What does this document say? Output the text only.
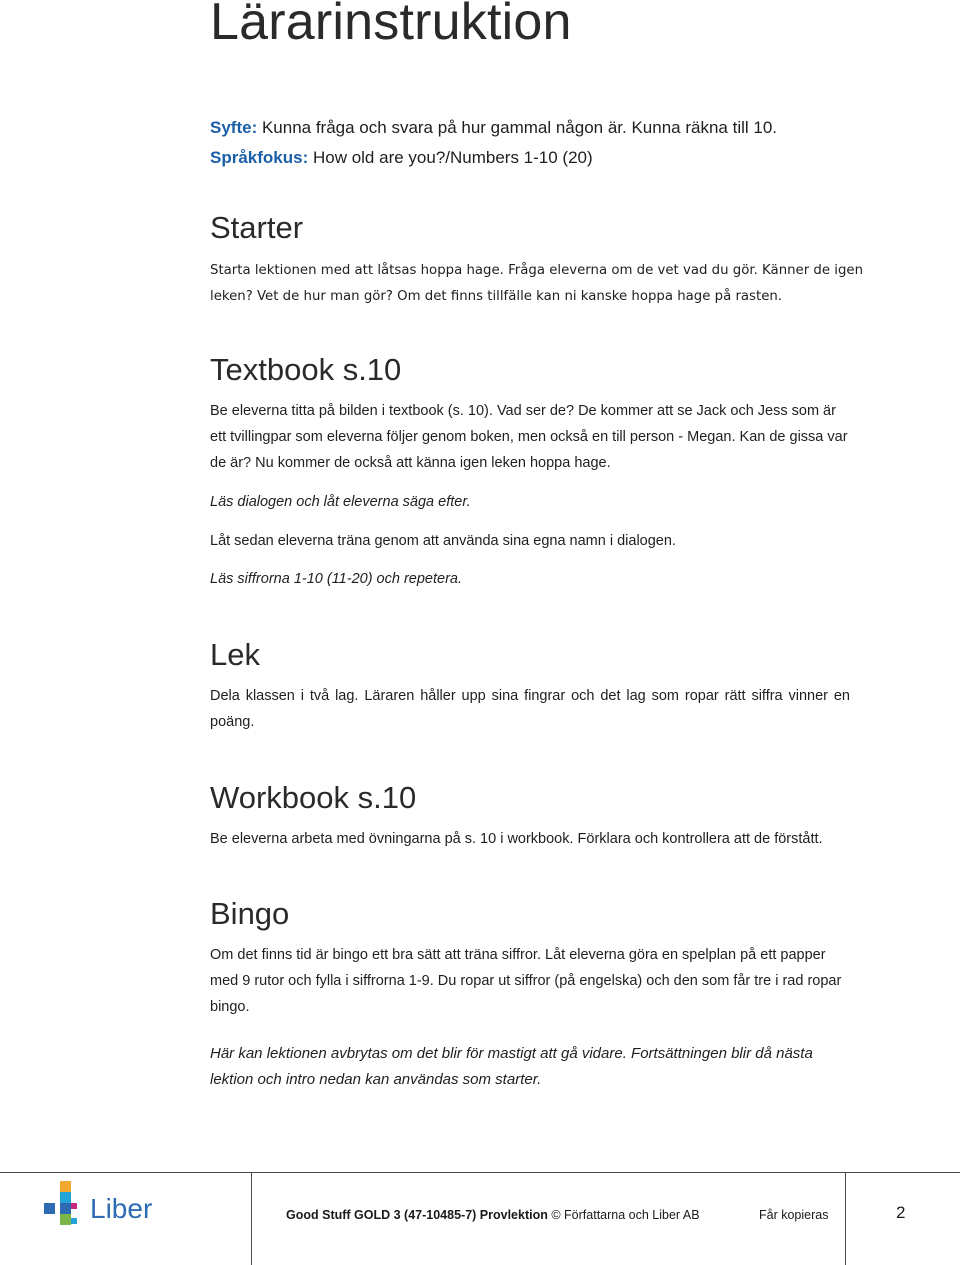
Lärarinstruktion
Syfte: Kunna fråga och svara på hur gammal någon är. Kunna räkna till 10.
Språkfokus: How old are you?/Numbers 1-10 (20)
Starter
Starta lektionen med att låtsas hoppa hage. Fråga eleverna om de vet vad du gör. Känner de igen
leken? Vet de hur man gör? Om det finns tillfälle kan ni kanske hoppa hage på rasten.
Textbook s.10
Be eleverna titta på bilden i textbook (s. 10). Vad ser de? De kommer att se Jack och Jess som är ett tvillingpar som eleverna följer genom boken, men också en till person - Megan. Kan de gissa var de är? Nu kommer de också att känna igen leken hoppa hage.
Läs dialogen och låt eleverna säga efter.
Låt sedan eleverna träna genom att använda sina egna namn i dialogen.
Läs siffrorna 1-10 (11-20) och repetera.
Lek
Dela klassen i två lag. Läraren håller upp sina fingrar och det lag som ropar rätt siffra vinner en poäng.
Workbook s.10
Be eleverna arbeta med övningarna på s. 10 i workbook. Förklara och kontrollera att de förstått.
Bingo
Om det finns tid är bingo ett bra sätt att träna siffror. Låt eleverna göra en spelplan på ett papper med 9 rutor och fylla i siffrorna 1-9. Du ropar ut siffror (på engelska) och den som får tre i rad ropar bingo.
Här kan lektionen avbrytas om det blir för mastigt att gå vidare. Fortsättningen blir då nästa lektion och intro nedan kan användas som starter.
Liber	Good Stuff GOLD 3 (47-10485-7) Provlektion © Författarna och Liber AB	Får kopieras	2
